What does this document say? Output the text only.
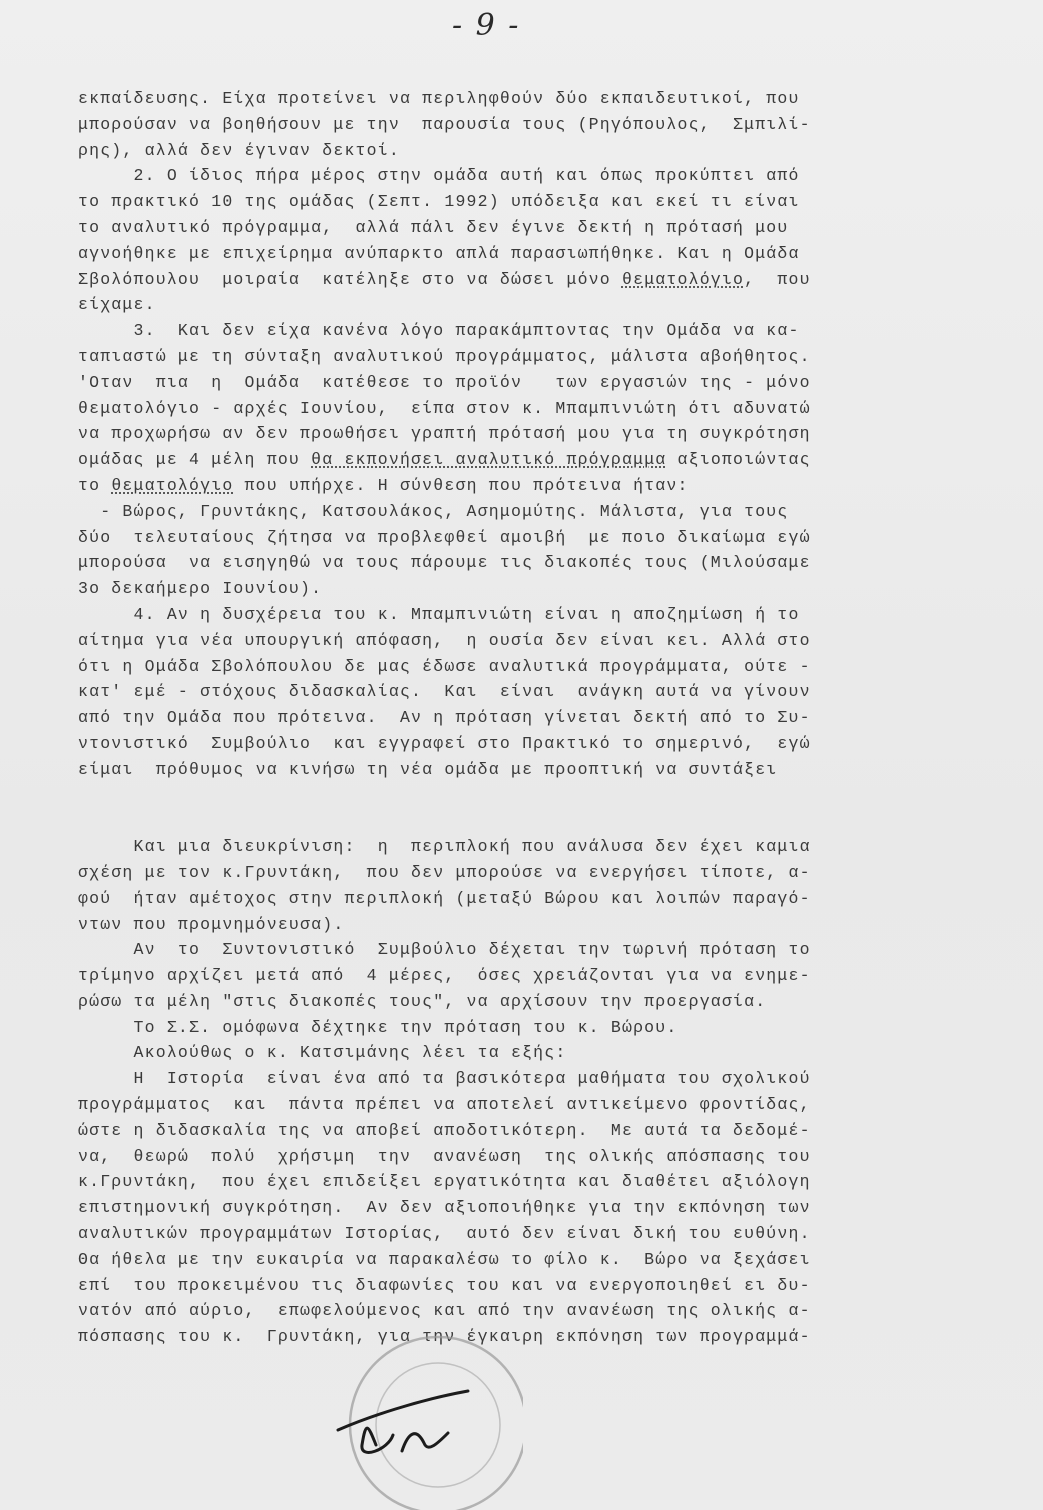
- 9 -
εκπαίδευσης. Είχα προτείνει να περιληφθούν δύο εκπαιδευτικοί, που
μπορούσαν να βοηθήσουν με την  παρουσία τους (Ρηγόπουλος,  Σμπιλί-
ρης), αλλά δεν έγιναν δεκτοί.
2. Ο ίδιος πήρα μέρος στην ομάδα αυτή και όπως προκύπτει από
το πρακτικό 10 της ομάδας (Σεπτ. 1992) υπόδειξα και εκεί τι είναι
το αναλυτικό πρόγραμμα,  αλλά πάλι δεν έγινε δεκτή η πρότασή μου
αγνοήθηκε με επιχείρημα ανύπαρκτο απλά παρασιωπήθηκε. Και η Ομάδα
Σβολόπουλου  μοιραία  κατέληξε στο να δώσει μόνο θεματολόγιο,  που
είχαμε.
3.  Και δεν είχα κανένα λόγο παρακάμπτοντας την Ομάδα να κα-
ταπιαστώ με τη σύνταξη αναλυτικού προγράμματος, μάλιστα αβοήθητος.
'Οταν  πια  η  Ομάδα  κατέθεσε το προϊόν   των εργασιών της - μόνο
θεματολόγιο - αρχές Ιουνίου,  είπα στον κ. Μπαμπινιώτη ότι αδυνατώ
να προχωρήσω αν δεν προωθήσει γραπτή πρότασή μου για τη συγκρότηση
ομάδας με 4 μέλη που θα εκπονήσει αναλυτικό πρόγραμμα αξιοποιώντας
το θεματολόγιο που υπήρχε. Η σύνθεση που πρότεινα ήταν:
- Βώρος, Γρυντάκης, Κατσουλάκος, Ασημομύτης. Μάλιστα, για τους
δύο  τελευταίους ζήτησα να προβλεφθεί αμοιβή  με ποιο δικαίωμα εγώ
μπορούσα  να εισηγηθώ να τους πάρουμε τις διακοπές τους (Μιλούσαμε
3ο δεκαήμερο Ιουνίου).
4. Αν η δυσχέρεια του κ. Μπαμπινιώτη είναι η αποζημίωση ή το
αίτημα για νέα υπουργική απόφαση,  η ουσία δεν είναι κει. Αλλά στο
ότι η Ομάδα Σβολόπουλου δε μας έδωσε αναλυτικά προγράμματα, ούτε -
κατ' εμέ - στόχους διδασκαλίας.  Και  είναι  ανάγκη αυτά να γίνουν
από την Ομάδα που πρότεινα.  Αν η πρόταση γίνεται δεκτή από το Συ-
ντονιστικό  Συμβούλιο  και εγγραφεί στο Πρακτικό το σημερινό,  εγώ
είμαι  πρόθυμος να κινήσω τη νέα ομάδα με προοπτική να συντάξει
Και μια διευκρίνιση:  η  περιπλοκή που ανάλυσα δεν έχει καμια
σχέση με τον κ.Γρυντάκη,  που δεν μπορούσε να ενεργήσει τίποτε, α-
φού  ήταν αμέτοχος στην περιπλοκή (μεταξύ Βώρου και λοιπών παραγό-
ντων που προμνημόνευσα).
Αν  το  Συντονιστικό  Συμβούλιο δέχεται την τωρινή πρόταση το
τρίμηνο αρχίζει μετά από  4 μέρες,  όσες χρειάζονται για να ενημε-
ρώσω τα μέλη "στις διακοπές τους", να αρχίσουν την προεργασία.
Το Σ.Σ. ομόφωνα δέχτηκε την πρόταση του κ. Βώρου.
Ακολούθως ο κ. Κατσιμάνης λέει τα εξής:
Η  Ιστορία  είναι ένα από τα βασικότερα μαθήματα του σχολικού
προγράμματος  και  πάντα πρέπει να αποτελεί αντικείμενο φροντίδας,
ώστε η διδασκαλία της να αποβεί αποδοτικότερη.  Με αυτά τα δεδομέ-
να,  θεωρώ  πολύ  χρήσιμη  την  ανανέωση  της ολικής απόσπασης του
κ.Γρυντάκη,  που έχει επιδείξει εργατικότητα και διαθέτει αξιόλογη
επιστημονική συγκρότηση.  Αν δεν αξιοποιήθηκε για την εκπόνηση των
αναλυτικών προγραμμάτων Ιστορίας,  αυτό δεν είναι δική του ευθύνη.
Θα ήθελα με την ευκαιρία να παρακαλέσω το φίλο κ.  Βώρο να ξεχάσει
επί  του προκειμένου τις διαφωνίες του και να ενεργοποιηθεί ει δυ-
νατόν από αύριο,  επωφελούμενος και από την ανανέωση της ολικής α-
πόσπασης του κ.  Γρυντάκη, για την έγκαιρη εκπόνηση των προγραμμά-
